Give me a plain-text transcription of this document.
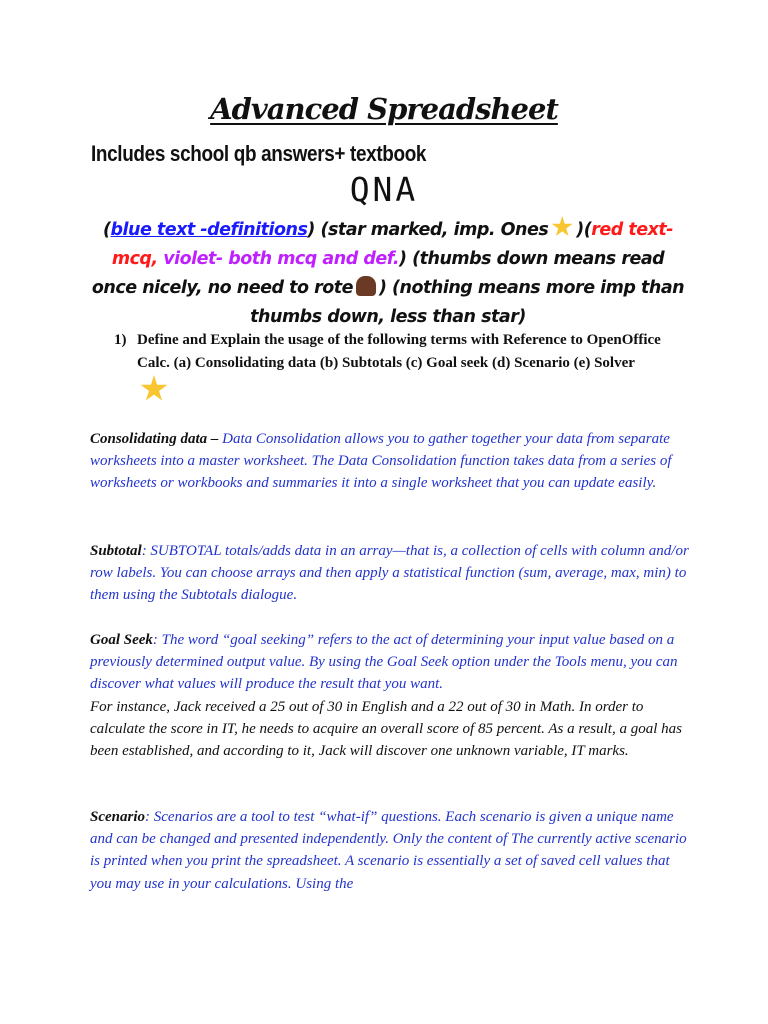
Advanced Spreadsheet
Includes school qb answers+ textbook
QNA
(blue text -definitions) (star marked, imp. Ones )(red text- mcq, violet- both mcq and def.) (thumbs down means read once nicely, no need to rote ) (nothing means more imp than thumbs down, less than star)
1) Define and Explain the usage of the following terms with Reference to OpenOffice Calc. (a) Consolidating data (b) Subtotals (c) Goal seek (d) Scenario (e) Solver
Consolidating data – Data Consolidation allows you to gather together your data from separate worksheets into a master worksheet. The Data Consolidation function takes data from a series of worksheets or workbooks and summaries it into a single worksheet that you can update easily.
Subtotal: SUBTOTAL totals/adds data in an array—that is, a collection of cells with column and/or row labels. You can choose arrays and then apply a statistical function (sum, average, max, min) to them using the Subtotals dialogue.
Goal Seek: The word “goal seeking” refers to the act of determining your input value based on a previously determined output value. By using the Goal Seek option under the Tools menu, you can discover what values will produce the result that you want.
For instance, Jack received a 25 out of 30 in English and a 22 out of 30 in Math. In order to calculate the score in IT, he needs to acquire an overall score of 85 percent. As a result, a goal has been established, and according to it, Jack will discover one unknown variable, IT marks.
Scenario: Scenarios are a tool to test “what-if” questions. Each scenario is given a unique name and can be changed and presented independently. Only the content of The currently active scenario is printed when you print the spreadsheet. A scenario is essentially a set of saved cell values that you may use in your calculations. Using the
